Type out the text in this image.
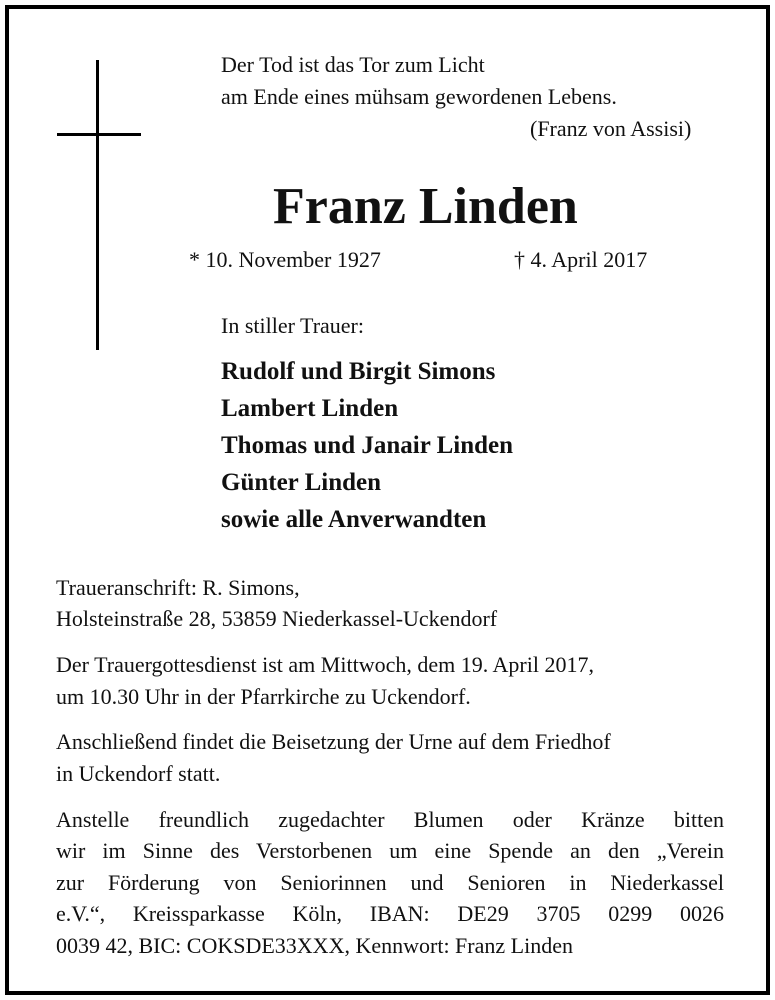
Der Tod ist das Tor zum Licht
am Ende eines mühsam gewordenen Lebens.
(Franz von Assisi)
Franz Linden
* 10. November 1927	† 4. April 2017
In stiller Trauer:
Rudolf und Birgit Simons
Lambert Linden
Thomas und Janair Linden
Günter Linden
sowie alle Anverwandten
Traueranschrift: R. Simons,
Holsteinstraße 28, 53859 Niederkassel-Uckendorf
Der Trauergottesdienst ist am Mittwoch, dem 19. April 2017,
um 10.30 Uhr in der Pfarrkirche zu Uckendorf.
Anschließend findet die Beisetzung der Urne auf dem Friedhof
in Uckendorf statt.
Anstelle freundlich zugedachter Blumen oder Kränze bitten
wir im Sinne des Verstorbenen um eine Spende an den „Verein
zur Förderung von Seniorinnen und Senioren in Niederkassel
e.V.“, Kreissparkasse Köln, IBAN: DE29 3705 0299 0026
0039 42, BIC: COKSDE33XXX, Kennwort: Franz Linden
